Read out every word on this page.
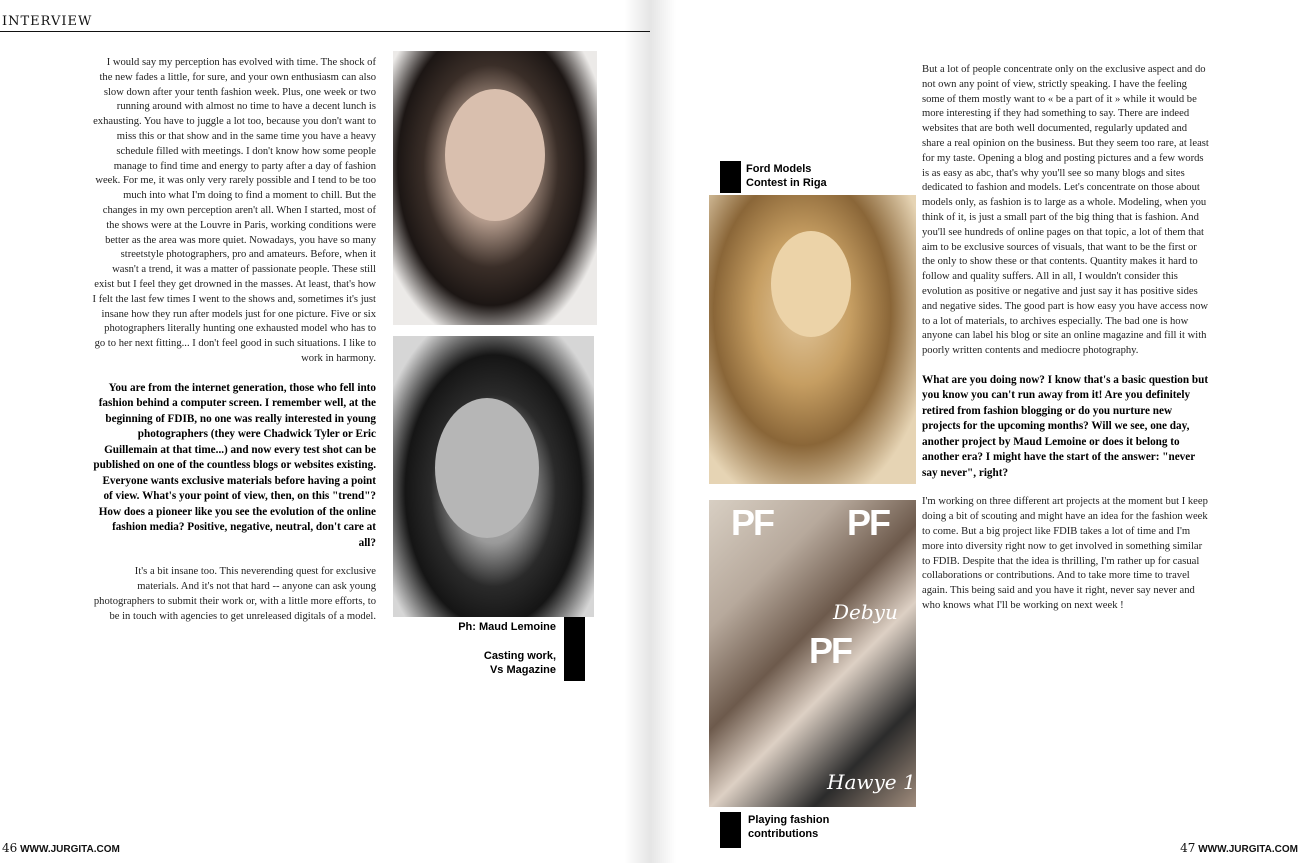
INTERVIEW

I would say my perception has evolved with time. The shock of the new fades a little, for sure, and your own enthusiasm can also slow down after your tenth fashion week. Plus, one week or two running around with almost no time to have a decent lunch is exhausting. You have to juggle a lot too, because you don't want to miss this or that show and in the same time you have a heavy schedule filled with meetings. I don't know how some people manage to find time and energy to party after a day of fashion week. For me, it was only very rarely possible and I tend to be too much into what I'm doing to find a moment to chill. But the changes in my own perception aren't all. When I started, most of the shows were at the Louvre in Paris, working conditions were better as the area was more quiet. Nowadays, you have so many streetstyle photographers, pro and amateurs. Before, when it wasn't a trend, it was a matter of passionate people. These still exist but I feel they get drowned in the masses. At least, that's how I felt the last few times I went to the shows and, sometimes it's just insane how they run after models just for one picture. Five or six photographers literally hunting one exhausted model who has to go to her next fitting... I don't feel good in such situations. I like to work in harmony.

You are from the internet generation, those who fell into fashion behind a computer screen. I remember well, at the beginning of FDIB, no one was really interested in young photographers (they were Chadwick Tyler or Eric Guillemain at that time...) and now every test shot can be published on one of the countless blogs or websites existing. Everyone wants exclusive materials before having a point of view. What's your point of view, then, on this "trend"? How does a pioneer like you see the evolution of the online fashion media? Positive, negative, neutral, don't care at all?

It's a bit insane too. This neverending quest for exclusive materials. And it's not that hard -- anyone can ask young photographers to submit their work or, with a little more efforts, to be in touch with agencies to get unreleased digitals of a model.

Ph: Maud Lemoine
Casting work,
Vs Magazine
46 WWW.JURGITA.COM
Ford Models
Contest in Riga
PF PF
PF
Debyu
Hawye 1
Playing fashion
contributions

But a lot of people concentrate only on the exclusive aspect and do not own any point of view, strictly speaking. I have the feeling some of them mostly want to « be a part of it » while it would be more interesting if they had something to say. There are indeed websites that are both well documented, regularly updated and share a real opinion on the business. But they seem too rare, at least for my taste. Opening a blog and posting pictures and a few words is as easy as abc, that's why you'll see so many blogs and sites dedicated to fashion and models. Let's concentrate on those about models only, as fashion is to large as a whole. Modeling, when you think of it, is just a small part of the big thing that is fashion. And you'll see hundreds of online pages on that topic, a lot of them that aim to be exclusive sources of visuals, that want to be the first or the only to show these or that contents. Quantity makes it hard to follow and quality suffers. All in all, I wouldn't consider this evolution as positive or negative and just say it has positive sides and negative sides. The good part is how easy you have access now to a lot of materials, to archives especially. The bad one is how anyone can label his blog or site an online magazine and fill it with poorly written contents and mediocre photography.

What are you doing now? I know that's a basic question but you know you can't run away from it! Are you definitely retired from fashion blogging or do you nurture new projects for the upcoming months? Will we see, one day, another project by Maud Lemoine or does it belong to another era? I might have the start of the answer: "never say never", right?

I'm working on three different art projects at the moment but I keep doing a bit of scouting and might have an idea for the fashion week to come. But a big project like FDIB takes a lot of time and I'm more into diversity right now to get involved in something similar to FDIB. Despite that the idea is thrilling, I'm rather up for casual collaborations or contributions. And to take more time to travel again. This being said and you have it right, never say never and who knows what I'll be working on next week !

47 WWW.JURGITA.COM
